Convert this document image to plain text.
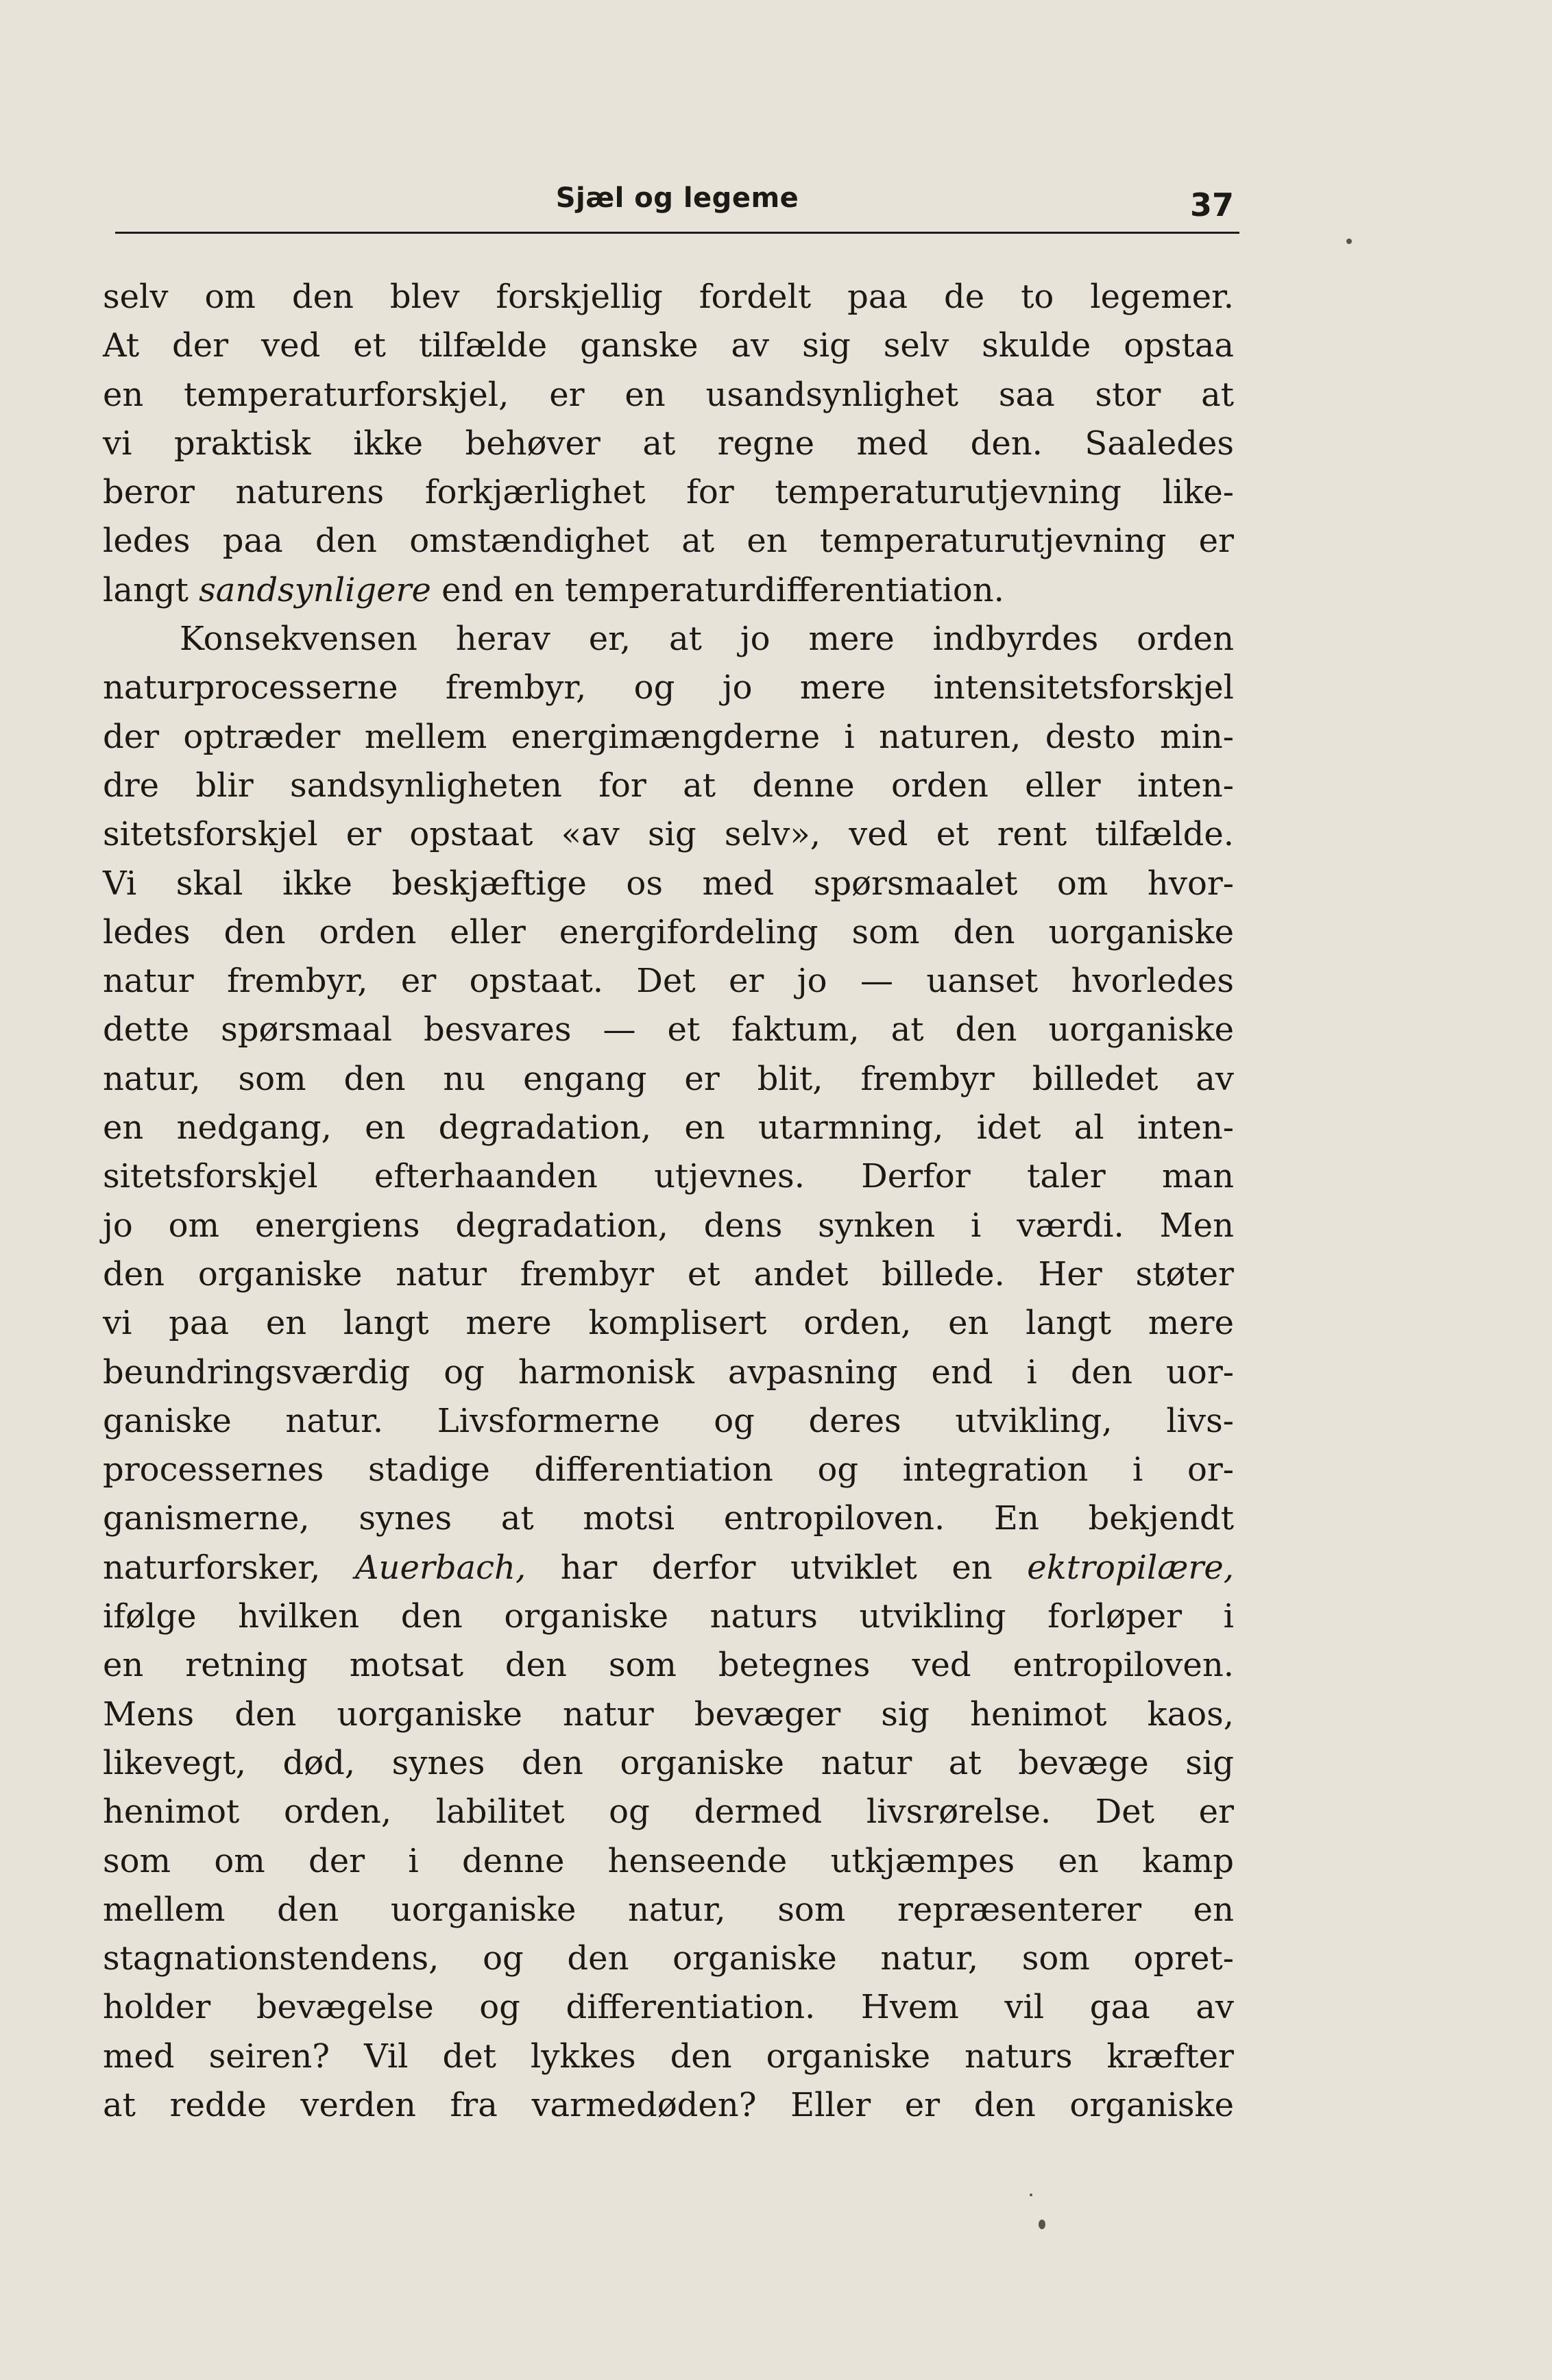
Sjæl og legeme	37
selv om den blev forskjellig fordelt paa de to legemer.
At der ved et tilfælde ganske av sig selv skulde opstaa
en temperaturforskjel, er en usandsynlighet saa stor at
vi praktisk ikke behøver at regne med den. Saaledes
beror naturens forkjærlighet for temperaturutjevning like-
ledes paa den omstændighet at en temperaturutjevning er
langt sandsynligere end en temperaturdifferentiation.
Konsekvensen herav er, at jo mere indbyrdes orden
naturprocesserne frembyr, og jo mere intensitetsforskjel
der optræder mellem energimængderne i naturen, desto min-
dre blir sandsynligheten for at denne orden eller inten-
sitetsforskjel er opstaat «av sig selv», ved et rent tilfælde.
Vi skal ikke beskjæftige os med spørsmaalet om hvor-
ledes den orden eller energifordeling som den uorganiske
natur frembyr, er opstaat. Det er jo — uanset hvorledes
dette spørsmaal besvares — et faktum, at den uorganiske
natur, som den nu engang er blit, frembyr billedet av
en nedgang, en degradation, en utarmning, idet al inten-
sitetsforskjel efterhaanden utjevnes. Derfor taler man
jo om energiens degradation, dens synken i værdi. Men
den organiske natur frembyr et andet billede. Her støter
vi paa en langt mere komplisert orden, en langt mere
beundringsværdig og harmonisk avpasning end i den uor-
ganiske natur. Livsformerne og deres utvikling, livs-
processernes stadige differentiation og integration i or-
ganismerne, synes at motsi entropiloven. En bekjendt
naturforsker, Auerbach, har derfor utviklet en ektropilære,
ifølge hvilken den organiske naturs utvikling forløper i
en retning motsat den som betegnes ved entropiloven.
Mens den uorganiske natur bevæger sig henimot kaos,
likevegt, død, synes den organiske natur at bevæge sig
henimot orden, labilitet og dermed livsrørelse. Det er
som om der i denne henseende utkjæmpes en kamp
mellem den uorganiske natur, som repræsenterer en
stagnationstendens, og den organiske natur, som opret-
holder bevægelse og differentiation. Hvem vil gaa av
med seiren? Vil det lykkes den organiske naturs kræfter
at redde verden fra varmedøden? Eller er den organiske
